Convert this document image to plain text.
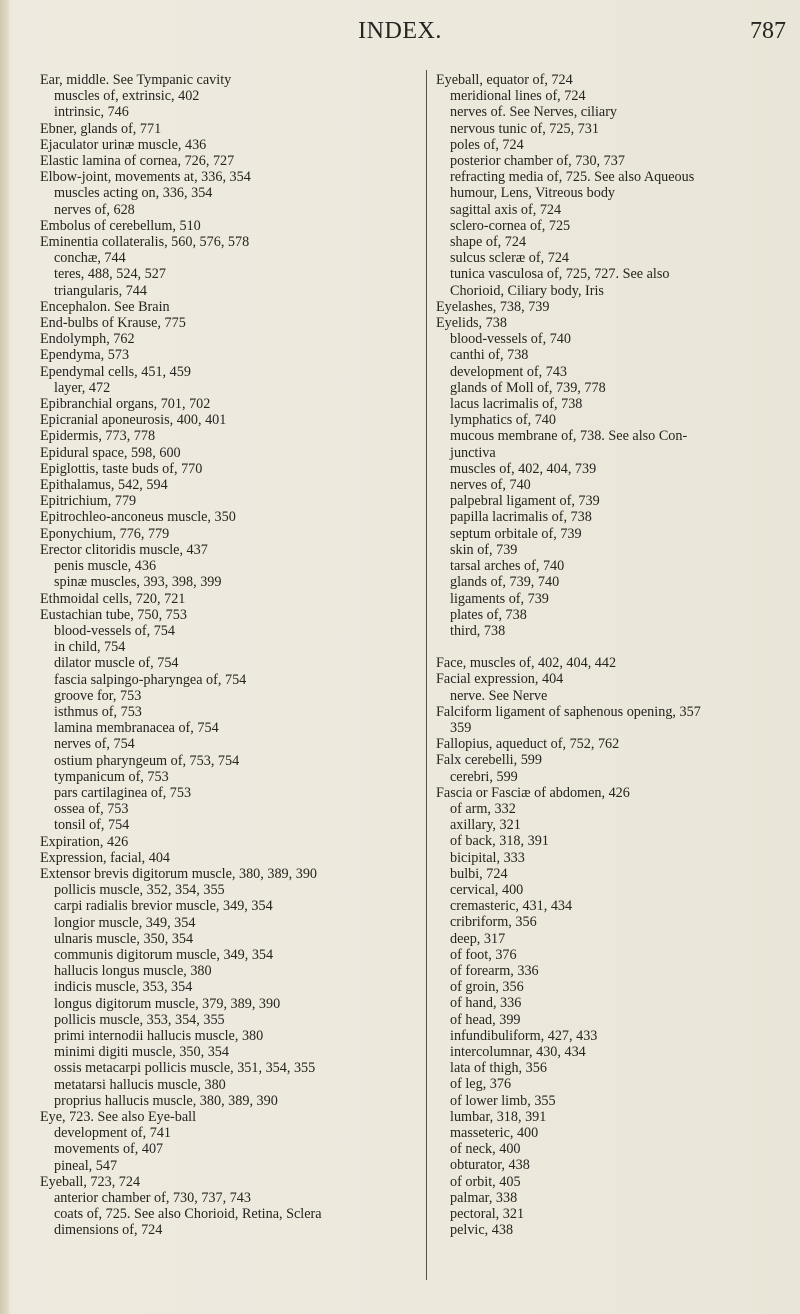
INDEX.	787
Ear, middle. See Tympanic cavity
muscles of, extrinsic, 402
intrinsic, 746
Ebner, glands of, 771
Ejaculator urinæ muscle, 436
Elastic lamina of cornea, 726, 727
Elbow-joint, movements at, 336, 354
muscles acting on, 336, 354
nerves of, 628
Embolus of cerebellum, 510
Eminentia collateralis, 560, 576, 578
conchæ, 744
teres, 488, 524, 527
triangularis, 744
Encephalon. See Brain
End-bulbs of Krause, 775
Endolymph, 762
Ependyma, 573
Ependymal cells, 451, 459
layer, 472
Epibranchial organs, 701, 702
Epicranial aponeurosis, 400, 401
Epidermis, 773, 778
Epidural space, 598, 600
Epiglottis, taste buds of, 770
Epithalamus, 542, 594
Epitrichium, 779
Epitrochleo-anconeus muscle, 350
Eponychium, 776, 779
Erector clitoridis muscle, 437
penis muscle, 436
spinæ muscles, 393, 398, 399
Ethmoidal cells, 720, 721
Eustachian tube, 750, 753
blood-vessels of, 754
in child, 754
dilator muscle of, 754
fascia salpingo-pharyngea of, 754
groove for, 753
isthmus of, 753
lamina membranacea of, 754
nerves of, 754
ostium pharyngeum of, 753, 754
tympanicum of, 753
pars cartilaginea of, 753
ossea of, 753
tonsil of, 754
Expiration, 426
Expression, facial, 404
Extensor brevis digitorum muscle, 380, 389, 390
pollicis muscle, 352, 354, 355
carpi radialis brevior muscle, 349, 354
longior muscle, 349, 354
ulnaris muscle, 350, 354
communis digitorum muscle, 349, 354
hallucis longus muscle, 380
indicis muscle, 353, 354
longus digitorum muscle, 379, 389, 390
pollicis muscle, 353, 354, 355
primi internodii hallucis muscle, 380
minimi digiti muscle, 350, 354
ossis metacarpi pollicis muscle, 351, 354, 355
metatarsi hallucis muscle, 380
proprius hallucis muscle, 380, 389, 390
Eye, 723. See also Eye-ball
development of, 741
movements of, 407
pineal, 547
Eyeball, 723, 724
anterior chamber of, 730, 737, 743
coats of, 725. See also Chorioid, Retina, Sclera
dimensions of, 724
Eyeball, equator of, 724
meridional lines of, 724
nerves of. See Nerves, ciliary
nervous tunic of, 725, 731
poles of, 724
posterior chamber of, 730, 737
refracting media of, 725. See also Aqueous
humour, Lens, Vitreous body
sagittal axis of, 724
sclero-cornea of, 725
shape of, 724
sulcus scleræ of, 724
tunica vasculosa of, 725, 727. See also
Chorioid, Ciliary body, Iris
Eyelashes, 738, 739
Eyelids, 738
blood-vessels of, 740
canthi of, 738
development of, 743
glands of Moll of, 739, 778
lacus lacrimalis of, 738
lymphatics of, 740
mucous membrane of, 738. See also Con-
junctiva
muscles of, 402, 404, 739
nerves of, 740
palpebral ligament of, 739
papilla lacrimalis of, 738
septum orbitale of, 739
skin of, 739
tarsal arches of, 740
glands of, 739, 740
ligaments of, 739
plates of, 738
third, 738
Face, muscles of, 402, 404, 442
Facial expression, 404
nerve. See Nerve
Falciform ligament of saphenous opening, 357
359
Fallopius, aqueduct of, 752, 762
Falx cerebelli, 599
cerebri, 599
Fascia or Fasciæ of abdomen, 426
of arm, 332
axillary, 321
of back, 318, 391
bicipital, 333
bulbi, 724
cervical, 400
cremasteric, 431, 434
cribriform, 356
deep, 317
of foot, 376
of forearm, 336
of groin, 356
of hand, 336
of head, 399
infundibuliform, 427, 433
intercolumnar, 430, 434
lata of thigh, 356
of leg, 376
of lower limb, 355
lumbar, 318, 391
masseteric, 400
of neck, 400
obturator, 438
of orbit, 405
palmar, 338
pectoral, 321
pelvic, 438
